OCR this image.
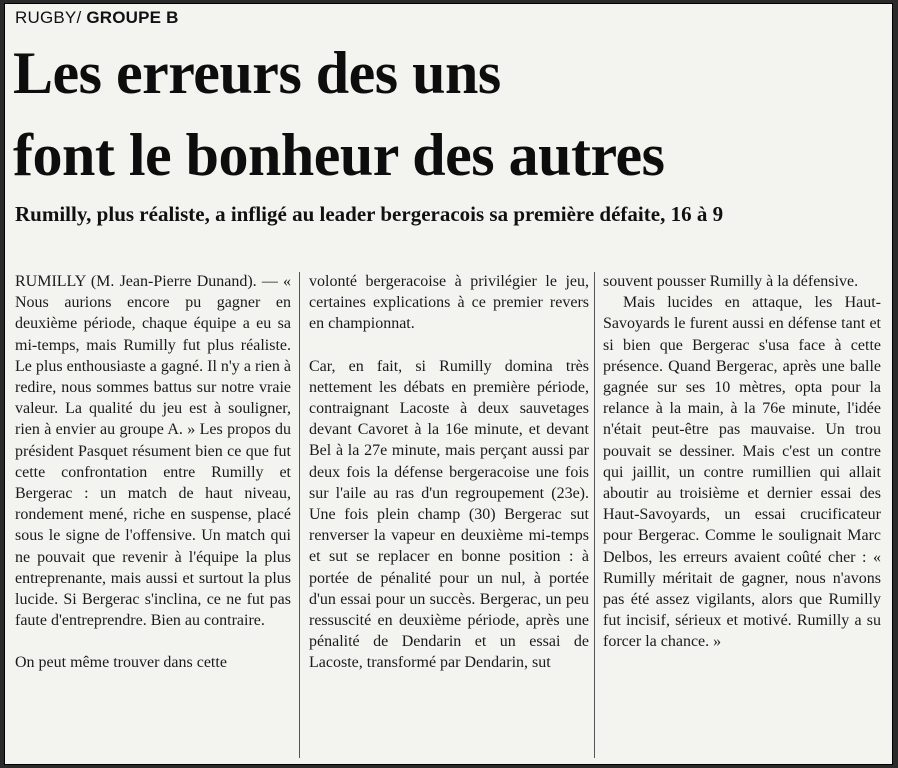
RUGBY/ GROUPE B
Les erreurs des uns
font le bonheur des autres
Rumilly, plus réaliste, a infligé au leader bergeracois sa première défaite, 16 à 9

RUMILLY (M. Jean-Pierre Dunand). — « Nous aurions encore pu gagner en deuxième période, chaque équipe a eu sa mi-temps, mais Rumilly fut plus réaliste. Le plus enthousiaste a gagné. Il n'y a rien à redire, nous sommes battus sur notre vraie valeur. La qualité du jeu est à souligner, rien à envier au groupe A. » Les propos du président Pasquet résument bien ce que fut cette confrontation entre Rumilly et Bergerac : un match de haut niveau, rondement mené, riche en suspense, placé sous le signe de l'offensive. Un match qui ne pouvait que revenir à l'équipe la plus entreprenante, mais aussi et surtout la plus lucide. Si Bergerac s'inclina, ce ne fut pas faute d'entreprendre. Bien au contraire.

On peut même trouver dans cette

volonté bergeracoise à privilégier le jeu, certaines explications à ce premier revers en championnat.

Car, en fait, si Rumilly domina très nettement les débats en première période, contraignant Lacoste à deux sauvetages devant Cavoret à la 16e minute, et devant Bel à la 27e minute, mais perçant aussi par deux fois la défense bergeracoise une fois sur l'aile au ras d'un regroupement (23e). Une fois plein champ (30) Bergerac sut renverser la vapeur en deuxième mi-temps et sut se replacer en bonne position : à portée de pénalité pour un nul, à portée d'un essai pour un succès. Bergerac, un peu ressuscité en deuxième période, après une pénalité de Dendarin et un essai de Lacoste, transformé par Dendarin, sut

souvent pousser Rumilly à la défensive.

Mais lucides en attaque, les Haut-Savoyards le furent aussi en défense tant et si bien que Bergerac s'usa face à cette présence. Quand Bergerac, après une balle gagnée sur ses 10 mètres, opta pour la relance à la main, à la 76e minute, l'idée n'était peut-être pas mauvaise. Un trou pouvait se dessiner. Mais c'est un contre qui jaillit, un contre rumillien qui allait aboutir au troisième et dernier essai des Haut-Savoyards, un essai crucificateur pour Bergerac. Comme le soulignait Marc Delbos, les erreurs avaient coûté cher : « Rumilly méritait de gagner, nous n'avons pas été assez vigilants, alors que Rumilly fut incisif, sérieux et motivé. Rumilly a su forcer la chance. »
